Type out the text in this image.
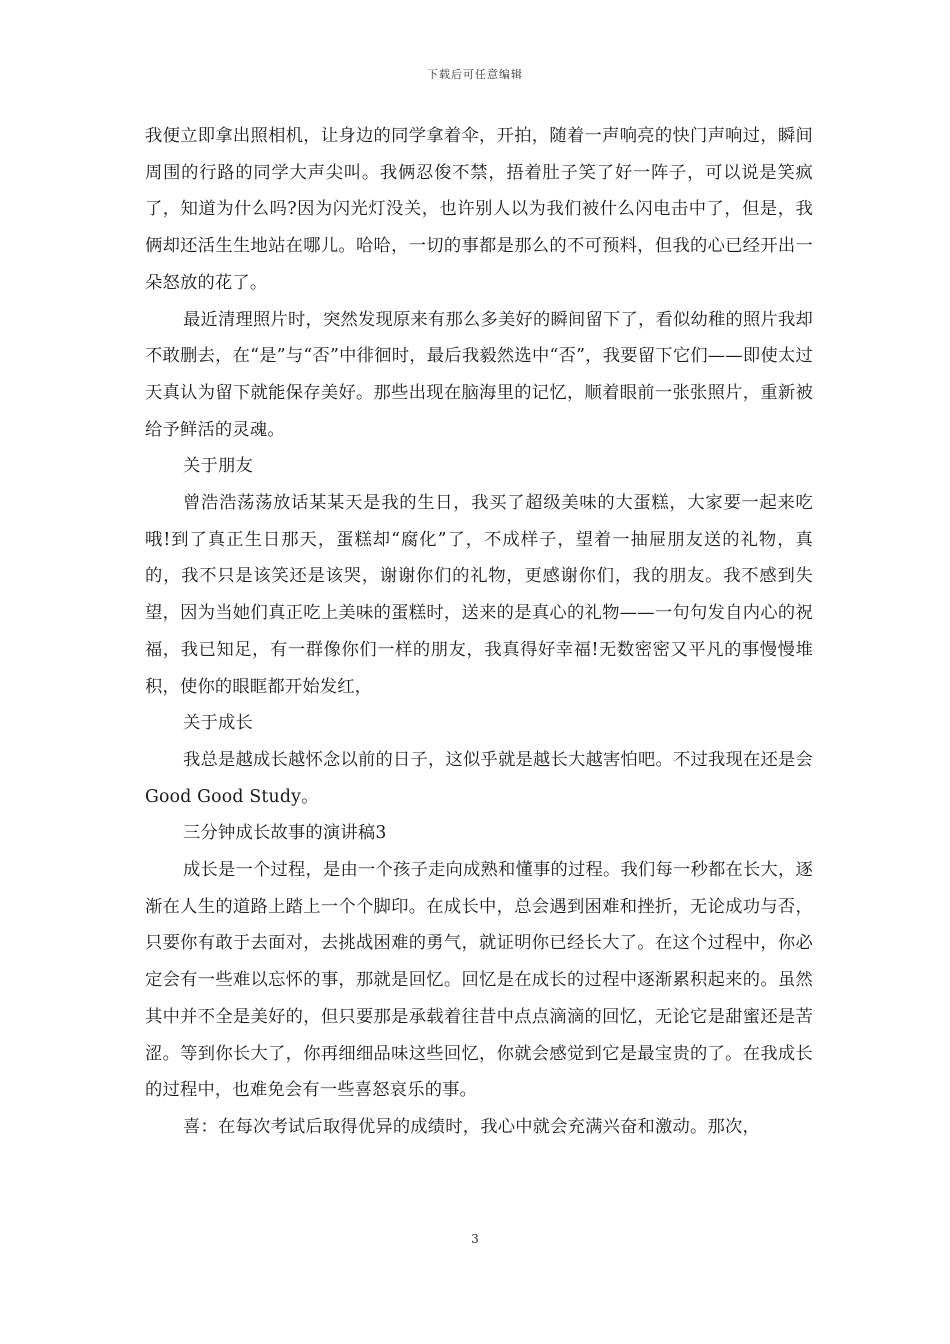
下载后可任意编辑

我便立即拿出照相机，让身边的同学拿着伞，开拍，随着一声响亮的快门声响过，瞬间周围的行路的同学大声尖叫。我俩忍俊不禁，捂着肚子笑了好一阵子，可以说是笑疯了，知道为什么吗?因为闪光灯没关，也许别人以为我们被什么闪电击中了，但是，我俩却还活生生地站在哪儿。哈哈，一切的事都是那么的不可预料，但我的心已经开出一朵怒放的花了。

最近清理照片时，突然发现原来有那么多美好的瞬间留下了，看似幼稚的照片我却不敢删去，在“是”与“否”中徘徊时，最后我毅然选中“否”，我要留下它们——即使太过天真认为留下就能保存美好。那些出现在脑海里的记忆，顺着眼前一张张照片，重新被给予鲜活的灵魂。

关于朋友

曾浩浩荡荡放话某某天是我的生日，我买了超级美味的大蛋糕，大家要一起来吃哦!到了真正生日那天，蛋糕却“腐化”了，不成样子，望着一抽屉朋友送的礼物，真的，我不只是该笑还是该哭，谢谢你们的礼物，更感谢你们，我的朋友。我不感到失望，因为当她们真正吃上美味的蛋糕时，送来的是真心的礼物——一句句发自内心的祝福，我已知足，有一群像你们一样的朋友，我真得好幸福!无数密密又平凡的事慢慢堆积，使你的眼眶都开始发红，

关于成长

我总是越成长越怀念以前的日子，这似乎就是越长大越害怕吧。不过我现在还是会Good Good Study。

三分钟成长故事的演讲稿3

成长是一个过程，是由一个孩子走向成熟和懂事的过程。我们每一秒都在长大，逐渐在人生的道路上踏上一个个脚印。在成长中，总会遇到困难和挫折，无论成功与否，只要你有敢于去面对，去挑战困难的勇气，就证明你已经长大了。在这个过程中，你必定会有一些难以忘怀的事，那就是回忆。回忆是在成长的过程中逐渐累积起来的。虽然其中并不全是美好的，但只要那是承载着往昔中点点滴滴的回忆，无论它是甜蜜还是苦涩。等到你长大了，你再细细品味这些回忆，你就会感觉到它是最宝贵的了。在我成长的过程中，也难免会有一些喜怒哀乐的事。

喜：在每次考试后取得优异的成绩时，我心中就会充满兴奋和激动。那次，

3
